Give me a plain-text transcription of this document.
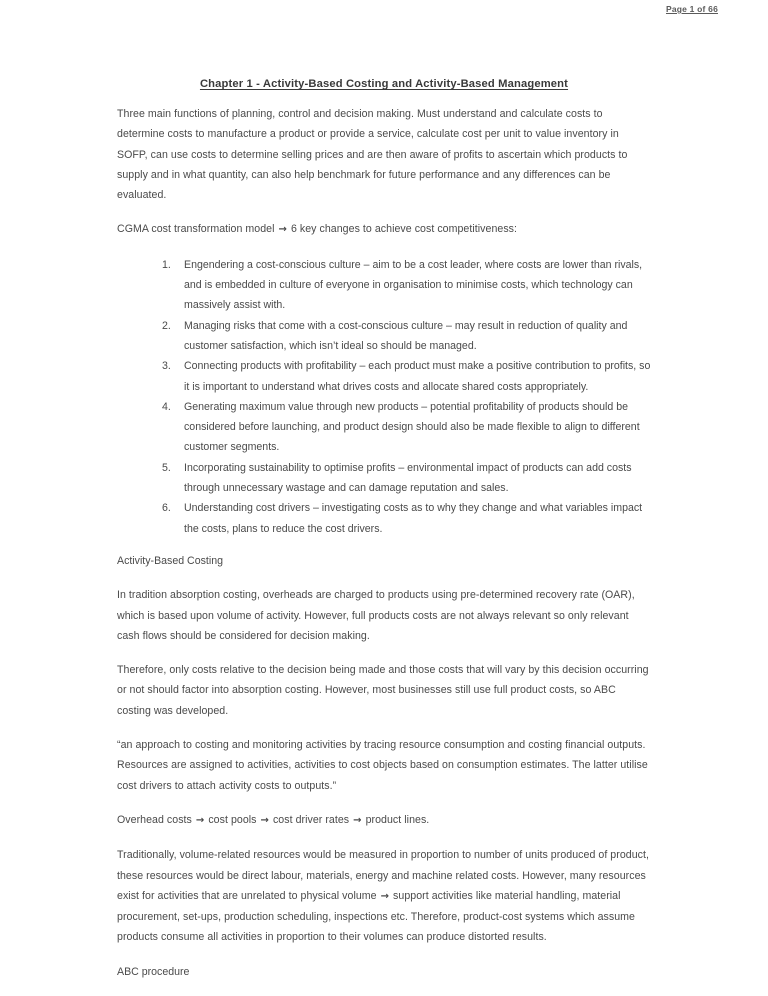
Page 1 of 66
Chapter 1 - Activity-Based Costing and Activity-Based Management

Three main functions of planning, control and decision making. Must understand and calculate costs to determine costs to manufacture a product or provide a service, calculate cost per unit to value inventory in SOFP, can use costs to determine selling prices and are then aware of profits to ascertain which products to supply and in what quantity, can also help benchmark for future performance and any differences can be evaluated.

CGMA cost transformation model → 6 key changes to achieve cost competitiveness:

Engendering a cost-conscious culture – aim to be a cost leader, where costs are lower than rivals, and is embedded in culture of everyone in organisation to minimise costs, which technology can massively assist with.
Managing risks that come with a cost-conscious culture – may result in reduction of quality and customer satisfaction, which isn’t ideal so should be managed.
Connecting products with profitability – each product must make a positive contribution to profits, so it is important to understand what drives costs and allocate shared costs appropriately.
Generating maximum value through new products – potential profitability of products should be considered before launching, and product design should also be made flexible to align to different customer segments.
Incorporating sustainability to optimise profits – environmental impact of products can add costs through unnecessary wastage and can damage reputation and sales.
Understanding cost drivers – investigating costs as to why they change and what variables impact the costs, plans to reduce the cost drivers.
Activity-Based Costing

In tradition absorption costing, overheads are charged to products using pre-determined recovery rate (OAR), which is based upon volume of activity. However, full products costs are not always relevant so only relevant cash flows should be considered for decision making.

Therefore, only costs relative to the decision being made and those costs that will vary by this decision occurring or not should factor into absorption costing. However, most businesses still use full product costs, so ABC costing was developed.

“an approach to costing and monitoring activities by tracing resource consumption and costing financial outputs. Resources are assigned to activities, activities to cost objects based on consumption estimates. The latter utilise cost drivers to attach activity costs to outputs.”

Overhead costs → cost pools → cost driver rates → product lines.

Traditionally, volume-related resources would be measured in proportion to number of units produced of product, these resources would be direct labour, materials, energy and machine related costs. However, many resources exist for activities that are unrelated to physical volume → support activities like material handling, material procurement, set-ups, production scheduling, inspections etc. Therefore, product-cost systems which assume products consume all activities in proportion to their volumes can produce distorted results.

ABC procedure
